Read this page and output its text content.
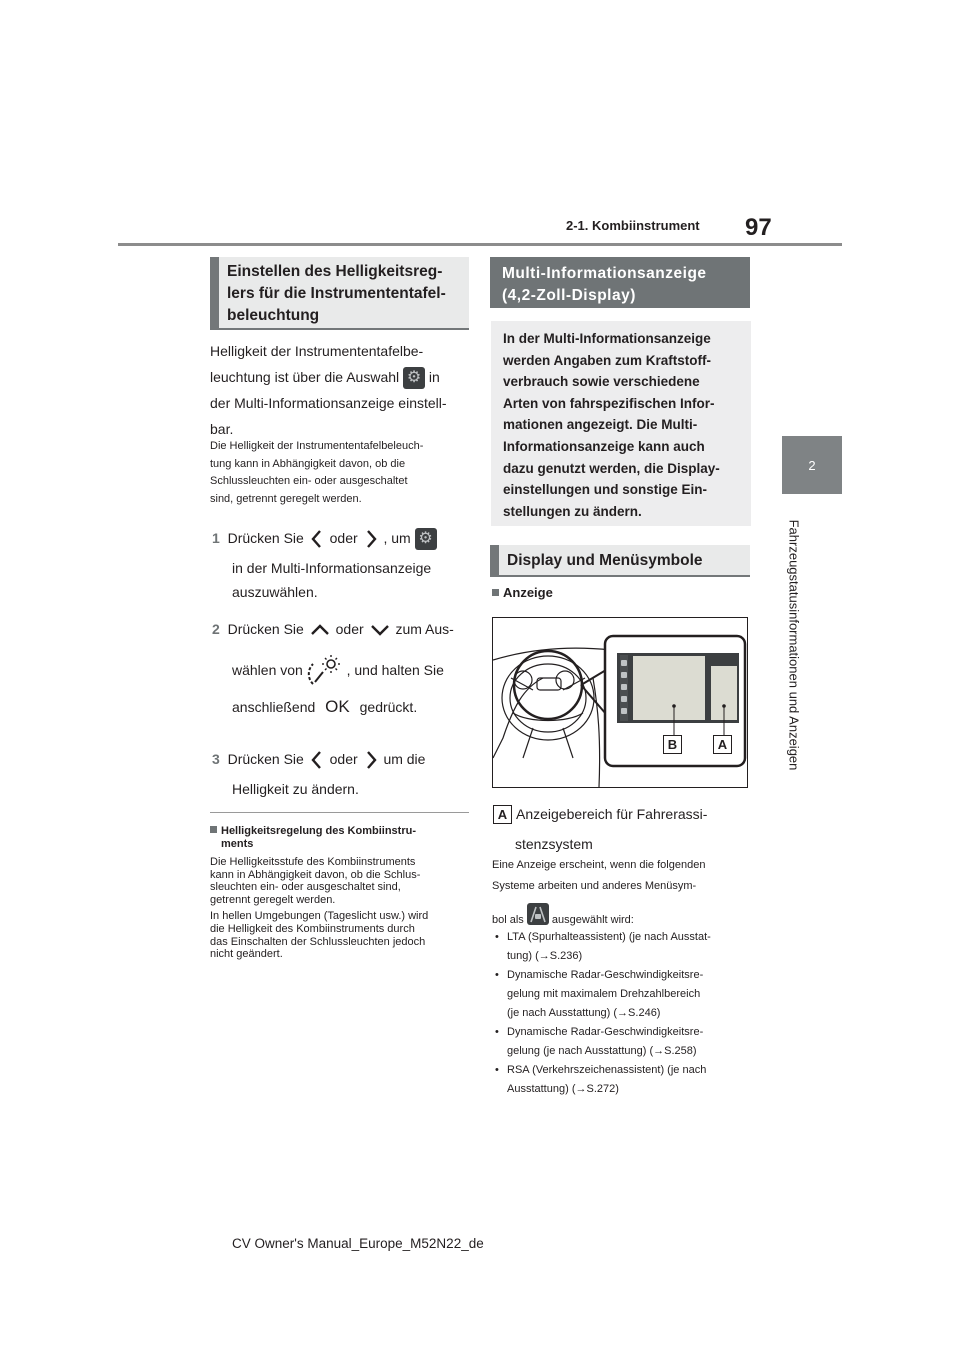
2-1. Kombiinstrument 97
2
Fahrzeugstatusinformationen und Anzeigen
Einstellen des Helligkeitsreg-
lers für die Instrumententafel-
beleuchtung
Helligkeit der Instrumententafelbe-
leuchtung ist über die Auswahl ⚙ in
der Multi-Informationsanzeige einstell-
bar.
Die Helligkeit der Instrumententafelbeleuch-
tung kann in Abhängigkeit davon, ob die
Schlussleuchten ein- oder ausgeschaltet
sind, getrennt geregelt werden.
1 Drücken Sie oder , um ⚙
in der Multi-Informationsanzeige
auszuwählen.
2 Drücken Sie oder zum Aus-
wählen von	, und halten Sie
anschließend OK gedrückt.
3 Drücken Sie oder um die
Helligkeit zu ändern.
Helligkeitsregelung des Kombiinstru-
ments
Die Helligkeitsstufe des Kombiinstruments
kann in Abhängigkeit davon, ob die Schlus-
sleuchten ein- oder ausgeschaltet sind,
getrennt geregelt werden.
In hellen Umgebungen (Tageslicht usw.) wird
die Helligkeit des Kombiinstruments durch
das Einschalten der Schlussleuchten jedoch
nicht geändert.
Multi-Informationsanzeige
(4,2-Zoll-Display)
In der Multi-Informationsanzeige
werden Angaben zum Kraftstoff-
verbrauch sowie verschiedene
Arten von fahrspezifischen Infor-
mationen angezeigt. Die Multi-
Informationsanzeige kann auch
dazu genutzt werden, die Display-
einstellungen und sonstige Ein-
stellungen zu ändern.
Display und Menüsymbole
Anzeige
B	A
A Anzeigebereich für Fahrerassi-
stenzsystem
Eine Anzeige erscheint, wenn die folgenden
Systeme arbeiten und anderes Menüsym-
bol als	ausgewählt wird:
• LTA (Spurhalteassistent) (je nach Ausstat-
tung) (→S.236)
• Dynamische Radar-Geschwindigkeitsre-
gelung mit maximalem Drehzahlbereich
(je nach Ausstattung) (→S.246)
• Dynamische Radar-Geschwindigkeitsre-
gelung (je nach Ausstattung) (→S.258)
• RSA (Verkehrszeichenassistent) (je nach
Ausstattung) (→S.272)
CV Owner's Manual_Europe_M52N22_de
